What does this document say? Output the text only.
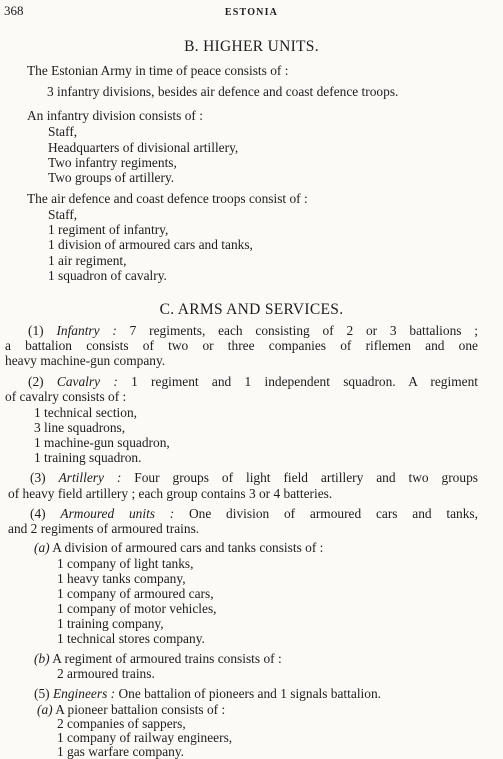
368	ESTONIA
B. HIGHER UNITS.
The Estonian Army in time of peace consists of :
3 infantry divisions, besides air defence and coast defence troops.
An infantry division consists of :
Staff,
Headquarters of divisional artillery,
Two infantry regiments,
Two groups of artillery.
The air defence and coast defence troops consist of :
Staff,
1 regiment of infantry,
1 division of armoured cars and tanks,
1 air regiment,
1 squadron of cavalry.
C. ARMS AND SERVICES.
(1) Infantry : 7 regiments, each consisting of 2 or 3 battalions ;
a battalion consists of two or three companies of riflemen and one
heavy machine-gun company.
(2) Cavalry : 1 regiment and 1 independent squadron. A regiment
of cavalry consists of :
1 technical section,
3 line squadrons,
1 machine-gun squadron,
1 training squadron.
(3) Artillery : Four groups of light field artillery and two groups
of heavy field artillery ; each group contains 3 or 4 batteries.
(4) Armoured units : One division of armoured cars and tanks,
and 2 regiments of armoured trains.
(a) A division of armoured cars and tanks consists of :
1 company of light tanks,
1 heavy tanks company,
1 company of armoured cars,
1 company of motor vehicles,
1 training company,
1 technical stores company.
(b) A regiment of armoured trains consists of :
2 armoured trains.
(5) Engineers : One battalion of pioneers and 1 signals battalion.
(a) A pioneer battalion consists of :
2 companies of sappers,
1 company of railway engineers,
1 gas warfare company.
